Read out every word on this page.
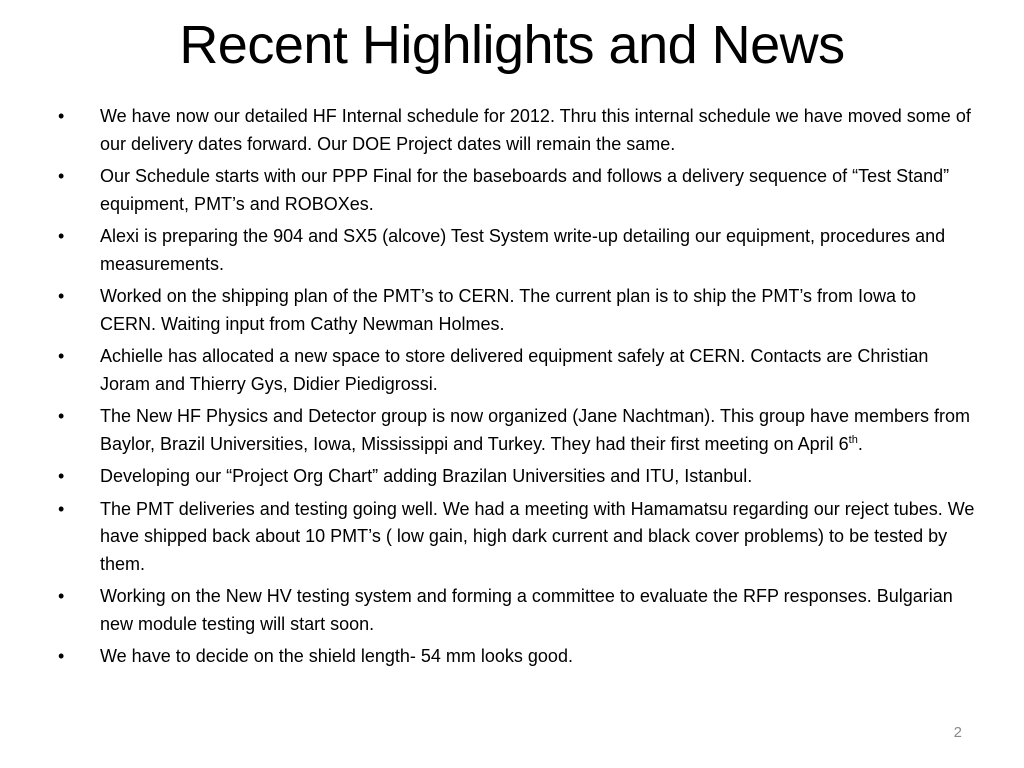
Recent Highlights and News
• We have now our detailed HF Internal schedule for 2012. Thru this internal schedule we have moved some of our delivery dates forward. Our DOE Project dates will remain the same.
• Our Schedule starts with our PPP Final for the baseboards and follows a delivery sequence of “Test Stand” equipment, PMT’s and ROBOXes.
• Alexi is preparing the 904 and SX5 (alcove) Test System write-up detailing our equipment, procedures and measurements.
• Worked on the shipping plan of the PMT’s to CERN. The current plan is to ship the PMT’s from Iowa to CERN. Waiting input from Cathy Newman Holmes.
• Achielle has allocated a new space to store delivered equipment safely at CERN. Contacts are Christian Joram and Thierry Gys, Didier Piedigrossi.
• The New HF Physics and Detector group is now organized (Jane Nachtman). This group have members from Baylor, Brazil Universities, Iowa, Mississippi and Turkey. They had their first meeting on April 6th.
• Developing our “Project Org Chart” adding Brazilan Universities and ITU, Istanbul.
• The PMT deliveries and testing going well. We had a meeting with Hamamatsu regarding our reject tubes. We have shipped back about 10 PMT’s ( low gain, high dark current and black cover problems) to be tested by them.
• Working on the New HV testing system and forming a committee to evaluate the RFP responses. Bulgarian new module testing will start soon.
• We have to decide on the shield length- 54 mm looks good.
2
